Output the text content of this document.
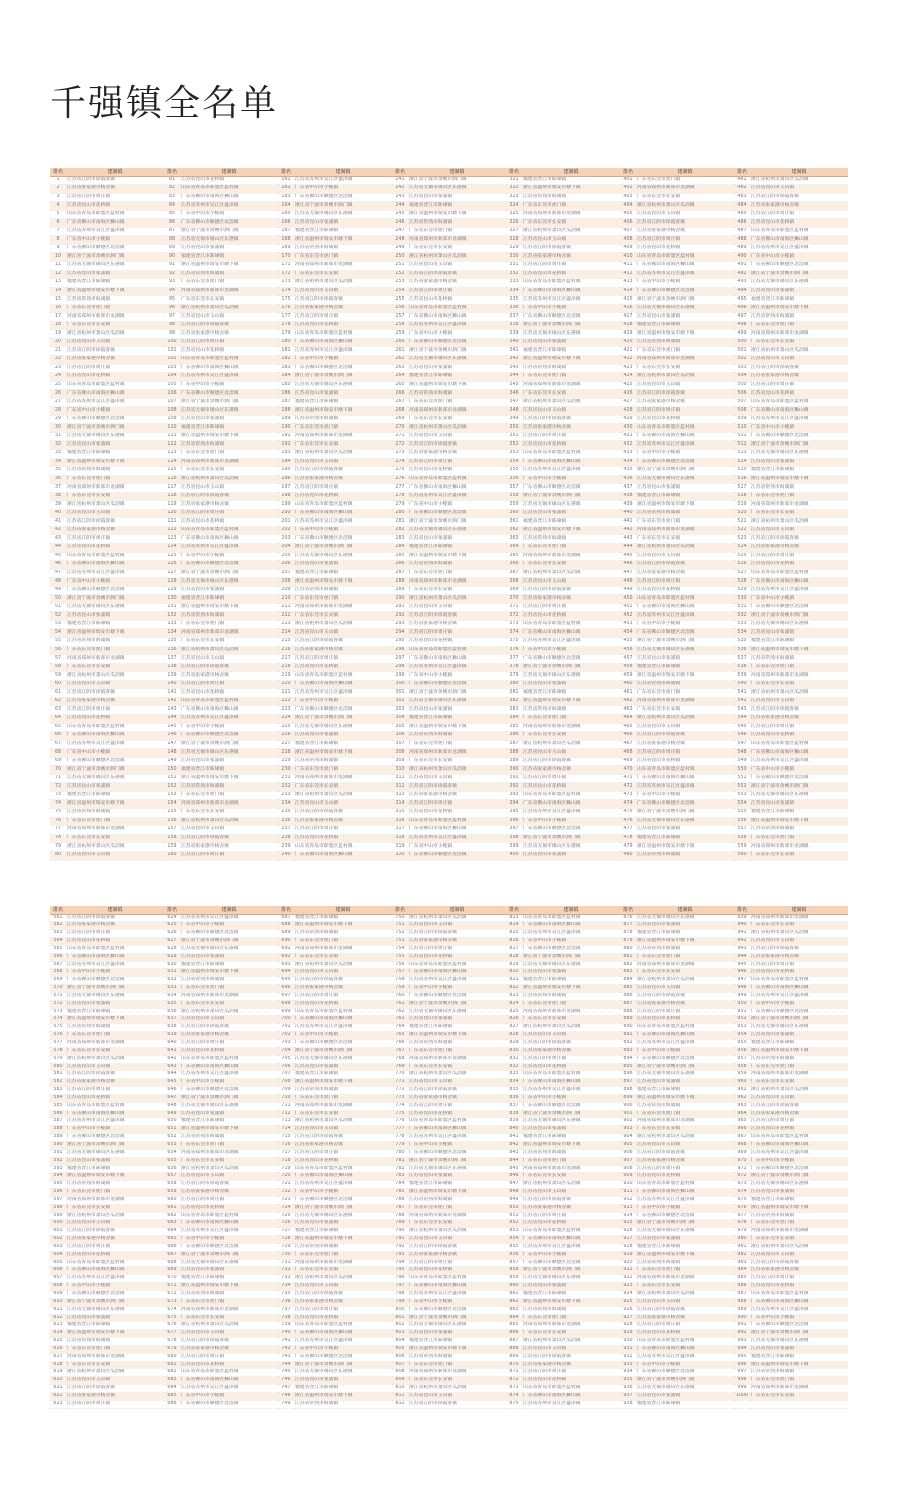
千强镇全名单
排名	建制镇	排名	建制镇	排名	建制镇	排名	建制镇	排名	建制镇	排名	建制镇	排名	建制镇
1	江苏省江阴市徐霞客镇	81	江苏省昆山市花桥镇	161	江苏省苏州市吴江区盛泽镇	241	浙江省宁波市余姚市泗门镇	321	福建省晋江市陈埭镇	401	广东省东莞市虎门镇	481	浙江省杭州市萧山区瓜沥镇
2	江苏省张家港市杨舍镇	82	山东省青岛市即墨区蓝村镇	162	广东省中山市小榄镇	242	江苏省无锡市锡山区东港镇	322	浙江省温州市瑞安市塘下镇	402	河南省郑州市新郑市龙湖镇	482	江苏省昆山市玉山镇
3	江苏省江阴市周庄镇	83	广东省佛山市南海区狮山镇	163	广东省佛山市顺德区北滘镇	243	江苏省昆山市张浦镇	323	江苏省常熟市海虞镇	403	广东省东莞市长安镇	483	江苏省江阴市徐霞客镇
4	江苏省昆山市花桥镇	84	江苏省苏州市吴江区盛泽镇	164	浙江省宁波市余姚市泗门镇	244	福建省晋江市陈埭镇	324	广东省东莞市虎门镇	404	浙江省杭州市萧山区瓜沥镇	484	江苏省张家港市杨舍镇
5	山东省青岛市即墨区蓝村镇	85	广东省中山市小榄镇	165	江苏省无锡市锡山区东港镇	245	浙江省温州市瑞安市塘下镇	325	河南省郑州市新郑市龙湖镇	405	江苏省昆山市玉山镇	485	江苏省江阴市周庄镇
6	广东省佛山市南海区狮山镇	86	广东省佛山市顺德区北滘镇	166	江苏省昆山市张浦镇	246	江苏省常熟市海虞镇	326	广东省东莞市长安镇	406	江苏省江阴市徐霞客镇	486	江苏省昆山市花桥镇
7	江苏省苏州市吴江区盛泽镇	87	浙江省宁波市余姚市泗门镇	167	福建省晋江市陈埭镇	247	广东省东莞市虎门镇	327	浙江省杭州市萧山区瓜沥镇	407	江苏省张家港市杨舍镇	487	山东省青岛市即墨区蓝村镇
8	广东省中山市小榄镇	88	江苏省无锡市锡山区东港镇	168	浙江省温州市瑞安市塘下镇	248	河南省郑州市新郑市龙湖镇	328	江苏省昆山市玉山镇	408	江苏省江阴市周庄镇	488	广东省佛山市南海区狮山镇
9	广东省佛山市顺德区北滘镇	89	江苏省昆山市张浦镇	169	江苏省常熟市海虞镇	249	广东省东莞市长安镇	329	江苏省江阴市徐霞客镇	409	江苏省昆山市花桥镇	489	江苏省苏州市吴江区盛泽镇
10	浙江省宁波市余姚市泗门镇	90	福建省晋江市陈埭镇	170	广东省东莞市虎门镇	250	浙江省杭州市萧山区瓜沥镇	330	江苏省张家港市杨舍镇	410	山东省青岛市即墨区蓝村镇	490	广东省中山市小榄镇
11	江苏省无锡市锡山区东港镇	91	浙江省温州市瑞安市塘下镇	171	河南省郑州市新郑市龙湖镇	251	江苏省昆山市玉山镇	331	江苏省江阴市周庄镇	411	广东省佛山市南海区狮山镇	491	广东省佛山市顺德区北滘镇
12	江苏省昆山市张浦镇	92	江苏省常熟市海虞镇	172	广东省东莞市长安镇	252	江苏省江阴市徐霞客镇	332	江苏省昆山市花桥镇	412	江苏省苏州市吴江区盛泽镇	492	浙江省宁波市余姚市泗门镇
13	福建省晋江市陈埭镇	93	广东省东莞市虎门镇	173	浙江省杭州市萧山区瓜沥镇	253	江苏省张家港市杨舍镇	333	山东省青岛市即墨区蓝村镇	413	广东省中山市小榄镇	493	江苏省无锡市锡山区东港镇
14	浙江省温州市瑞安市塘下镇	94	河南省郑州市新郑市龙湖镇	174	江苏省昆山市玉山镇	254	江苏省江阴市周庄镇	334	广东省佛山市南海区狮山镇	414	广东省佛山市顺德区北滘镇	494	江苏省昆山市张浦镇
15	江苏省常熟市海虞镇	95	广东省东莞市长安镇	175	江苏省江阴市徐霞客镇	255	江苏省昆山市花桥镇	335	江苏省苏州市吴江区盛泽镇	415	浙江省宁波市余姚市泗门镇	495	福建省晋江市陈埭镇
16	广东省东莞市虎门镇	96	浙江省杭州市萧山区瓜沥镇	176	江苏省张家港市杨舍镇	256	山东省青岛市即墨区蓝村镇	336	广东省中山市小榄镇	416	江苏省无锡市锡山区东港镇	496	浙江省温州市瑞安市塘下镇
17	河南省郑州市新郑市龙湖镇	97	江苏省昆山市玉山镇	177	江苏省江阴市周庄镇	257	广东省佛山市南海区狮山镇	337	广东省佛山市顺德区北滘镇	417	江苏省昆山市张浦镇	497	江苏省常熟市海虞镇
18	广东省东莞市长安镇	98	江苏省江阴市徐霞客镇	178	江苏省昆山市花桥镇	258	江苏省苏州市吴江区盛泽镇	338	浙江省宁波市余姚市泗门镇	418	福建省晋江市陈埭镇	498	广东省东莞市虎门镇
19	浙江省杭州市萧山区瓜沥镇	99	江苏省张家港市杨舍镇	179	山东省青岛市即墨区蓝村镇	259	广东省中山市小榄镇	339	江苏省无锡市锡山区东港镇	419	浙江省温州市瑞安市塘下镇	499	河南省郑州市新郑市龙湖镇
20	江苏省昆山市玉山镇	100	江苏省江阴市周庄镇	180	广东省佛山市南海区狮山镇	260	广东省佛山市顺德区北滘镇	340	江苏省昆山市张浦镇	420	江苏省常熟市海虞镇	500	广东省东莞市长安镇
21	江苏省江阴市徐霞客镇	101	江苏省昆山市花桥镇	181	江苏省苏州市吴江区盛泽镇	261	浙江省宁波市余姚市泗门镇	341	福建省晋江市陈埭镇	421	广东省东莞市虎门镇	501	浙江省杭州市萧山区瓜沥镇
22	江苏省张家港市杨舍镇	102	山东省青岛市即墨区蓝村镇	182	广东省中山市小榄镇	262	江苏省无锡市锡山区东港镇	342	浙江省温州市瑞安市塘下镇	422	河南省郑州市新郑市龙湖镇	502	江苏省昆山市玉山镇
23	江苏省江阴市周庄镇	103	广东省佛山市南海区狮山镇	183	广东省佛山市顺德区北滘镇	263	江苏省昆山市张浦镇	343	江苏省常熟市海虞镇	423	广东省东莞市长安镇	503	江苏省江阴市徐霞客镇
24	江苏省昆山市花桥镇	104	江苏省苏州市吴江区盛泽镇	184	浙江省宁波市余姚市泗门镇	264	福建省晋江市陈埭镇	344	广东省东莞市虎门镇	424	浙江省杭州市萧山区瓜沥镇	504	江苏省张家港市杨舍镇
25	山东省青岛市即墨区蓝村镇	105	广东省中山市小榄镇	185	江苏省无锡市锡山区东港镇	265	浙江省温州市瑞安市塘下镇	345	河南省郑州市新郑市龙湖镇	425	江苏省昆山市玉山镇	505	江苏省江阴市周庄镇
26	广东省佛山市南海区狮山镇	106	广东省佛山市顺德区北滘镇	186	江苏省昆山市张浦镇	266	江苏省常熟市海虞镇	346	广东省东莞市长安镇	426	江苏省江阴市徐霞客镇	506	江苏省昆山市花桥镇
27	江苏省苏州市吴江区盛泽镇	107	浙江省宁波市余姚市泗门镇	187	福建省晋江市陈埭镇	267	广东省东莞市虎门镇	347	浙江省杭州市萧山区瓜沥镇	427	江苏省张家港市杨舍镇	507	山东省青岛市即墨区蓝村镇
28	广东省中山市小榄镇	108	江苏省无锡市锡山区东港镇	188	浙江省温州市瑞安市塘下镇	268	河南省郑州市新郑市龙湖镇	348	江苏省昆山市玉山镇	428	江苏省江阴市周庄镇	508	广东省佛山市南海区狮山镇
29	广东省佛山市顺德区北滘镇	109	江苏省昆山市张浦镇	189	江苏省常熟市海虞镇	269	广东省东莞市长安镇	349	江苏省江阴市徐霞客镇	429	江苏省昆山市花桥镇	509	江苏省苏州市吴江区盛泽镇
30	浙江省宁波市余姚市泗门镇	110	福建省晋江市陈埭镇	190	广东省东莞市虎门镇	270	浙江省杭州市萧山区瓜沥镇	350	江苏省张家港市杨舍镇	430	山东省青岛市即墨区蓝村镇	510	广东省中山市小榄镇
31	江苏省无锡市锡山区东港镇	111	浙江省温州市瑞安市塘下镇	191	河南省郑州市新郑市龙湖镇	271	江苏省昆山市玉山镇	351	江苏省江阴市周庄镇	431	广东省佛山市南海区狮山镇	511	广东省佛山市顺德区北滘镇
32	江苏省昆山市张浦镇	112	江苏省常熟市海虞镇	192	广东省东莞市长安镇	272	江苏省江阴市徐霞客镇	352	江苏省昆山市花桥镇	432	江苏省苏州市吴江区盛泽镇	512	浙江省宁波市余姚市泗门镇
33	福建省晋江市陈埭镇	113	广东省东莞市虎门镇	193	浙江省杭州市萧山区瓜沥镇	273	江苏省张家港市杨舍镇	353	山东省青岛市即墨区蓝村镇	433	广东省中山市小榄镇	513	江苏省无锡市锡山区东港镇
34	浙江省温州市瑞安市塘下镇	114	河南省郑州市新郑市龙湖镇	194	江苏省昆山市玉山镇	274	江苏省江阴市周庄镇	354	广东省佛山市南海区狮山镇	434	广东省佛山市顺德区北滘镇	514	江苏省昆山市张浦镇
35	江苏省常熟市海虞镇	115	广东省东莞市长安镇	195	江苏省江阴市徐霞客镇	275	江苏省昆山市花桥镇	355	江苏省苏州市吴江区盛泽镇	435	浙江省宁波市余姚市泗门镇	515	福建省晋江市陈埭镇
36	广东省东莞市虎门镇	116	浙江省杭州市萧山区瓜沥镇	196	江苏省张家港市杨舍镇	276	山东省青岛市即墨区蓝村镇	356	广东省中山市小榄镇	436	江苏省无锡市锡山区东港镇	516	浙江省温州市瑞安市塘下镇
37	河南省郑州市新郑市龙湖镇	117	江苏省昆山市玉山镇	197	江苏省江阴市周庄镇	277	广东省佛山市南海区狮山镇	357	广东省佛山市顺德区北滘镇	437	江苏省昆山市张浦镇	517	江苏省常熟市海虞镇
38	广东省东莞市长安镇	118	江苏省江阴市徐霞客镇	198	江苏省昆山市花桥镇	278	江苏省苏州市吴江区盛泽镇	358	浙江省宁波市余姚市泗门镇	438	福建省晋江市陈埭镇	518	广东省东莞市虎门镇
39	浙江省杭州市萧山区瓜沥镇	119	江苏省张家港市杨舍镇	199	山东省青岛市即墨区蓝村镇	279	广东省中山市小榄镇	359	江苏省无锡市锡山区东港镇	439	浙江省温州市瑞安市塘下镇	519	河南省郑州市新郑市龙湖镇
40	江苏省昆山市玉山镇	120	江苏省江阴市周庄镇	200	广东省佛山市南海区狮山镇	280	广东省佛山市顺德区北滘镇	360	江苏省昆山市张浦镇	440	江苏省常熟市海虞镇	520	广东省东莞市长安镇
41	江苏省江阴市徐霞客镇	121	江苏省昆山市花桥镇	201	江苏省苏州市吴江区盛泽镇	281	浙江省宁波市余姚市泗门镇	361	福建省晋江市陈埭镇	441	广东省东莞市虎门镇	521	浙江省杭州市萧山区瓜沥镇
42	江苏省张家港市杨舍镇	122	山东省青岛市即墨区蓝村镇	202	广东省中山市小榄镇	282	江苏省无锡市锡山区东港镇	362	浙江省温州市瑞安市塘下镇	442	河南省郑州市新郑市龙湖镇	522	江苏省昆山市玉山镇
43	江苏省江阴市周庄镇	123	广东省佛山市南海区狮山镇	203	广东省佛山市顺德区北滘镇	283	江苏省昆山市张浦镇	363	江苏省常熟市海虞镇	443	广东省东莞市长安镇	523	江苏省江阴市徐霞客镇
44	江苏省昆山市花桥镇	124	江苏省苏州市吴江区盛泽镇	204	浙江省宁波市余姚市泗门镇	284	福建省晋江市陈埭镇	364	广东省东莞市虎门镇	444	浙江省杭州市萧山区瓜沥镇	524	江苏省张家港市杨舍镇
45	山东省青岛市即墨区蓝村镇	125	广东省中山市小榄镇	205	江苏省无锡市锡山区东港镇	285	浙江省温州市瑞安市塘下镇	365	河南省郑州市新郑市龙湖镇	445	江苏省昆山市玉山镇	525	江苏省江阴市周庄镇
46	广东省佛山市南海区狮山镇	126	广东省佛山市顺德区北滘镇	206	江苏省昆山市张浦镇	286	江苏省常熟市海虞镇	366	广东省东莞市长安镇	446	江苏省江阴市徐霞客镇	526	江苏省昆山市花桥镇
47	江苏省苏州市吴江区盛泽镇	127	浙江省宁波市余姚市泗门镇	207	福建省晋江市陈埭镇	287	广东省东莞市虎门镇	367	浙江省杭州市萧山区瓜沥镇	447	江苏省张家港市杨舍镇	527	山东省青岛市即墨区蓝村镇
48	广东省中山市小榄镇	128	江苏省无锡市锡山区东港镇	208	浙江省温州市瑞安市塘下镇	288	河南省郑州市新郑市龙湖镇	368	江苏省昆山市玉山镇	448	江苏省江阴市周庄镇	528	广东省佛山市南海区狮山镇
49	广东省佛山市顺德区北滘镇	129	江苏省昆山市张浦镇	209	江苏省常熟市海虞镇	289	广东省东莞市长安镇	369	江苏省江阴市徐霞客镇	449	江苏省昆山市花桥镇	529	江苏省苏州市吴江区盛泽镇
50	浙江省宁波市余姚市泗门镇	130	福建省晋江市陈埭镇	210	广东省东莞市虎门镇	290	浙江省杭州市萧山区瓜沥镇	370	江苏省张家港市杨舍镇	450	山东省青岛市即墨区蓝村镇	530	广东省中山市小榄镇
51	江苏省无锡市锡山区东港镇	131	浙江省温州市瑞安市塘下镇	211	河南省郑州市新郑市龙湖镇	291	江苏省昆山市玉山镇	371	江苏省江阴市周庄镇	451	广东省佛山市南海区狮山镇	531	广东省佛山市顺德区北滘镇
52	江苏省昆山市张浦镇	132	江苏省常熟市海虞镇	212	广东省东莞市长安镇	292	江苏省江阴市徐霞客镇	372	江苏省昆山市花桥镇	452	江苏省苏州市吴江区盛泽镇	532	浙江省宁波市余姚市泗门镇
53	福建省晋江市陈埭镇	133	广东省东莞市虎门镇	213	浙江省杭州市萧山区瓜沥镇	293	江苏省张家港市杨舍镇	373	山东省青岛市即墨区蓝村镇	453	广东省中山市小榄镇	533	江苏省无锡市锡山区东港镇
54	浙江省温州市瑞安市塘下镇	134	河南省郑州市新郑市龙湖镇	214	江苏省昆山市玉山镇	294	江苏省江阴市周庄镇	374	广东省佛山市南海区狮山镇	454	广东省佛山市顺德区北滘镇	534	江苏省昆山市张浦镇
55	江苏省常熟市海虞镇	135	广东省东莞市长安镇	215	江苏省江阴市徐霞客镇	295	江苏省昆山市花桥镇	375	江苏省苏州市吴江区盛泽镇	455	浙江省宁波市余姚市泗门镇	535	福建省晋江市陈埭镇
56	广东省东莞市虎门镇	136	浙江省杭州市萧山区瓜沥镇	216	江苏省张家港市杨舍镇	296	山东省青岛市即墨区蓝村镇	376	广东省中山市小榄镇	456	江苏省无锡市锡山区东港镇	536	浙江省温州市瑞安市塘下镇
57	河南省郑州市新郑市龙湖镇	137	江苏省昆山市玉山镇	217	江苏省江阴市周庄镇	297	广东省佛山市南海区狮山镇	377	广东省佛山市顺德区北滘镇	457	江苏省昆山市张浦镇	537	江苏省常熟市海虞镇
58	广东省东莞市长安镇	138	江苏省江阴市徐霞客镇	218	江苏省昆山市花桥镇	298	江苏省苏州市吴江区盛泽镇	378	浙江省宁波市余姚市泗门镇	458	福建省晋江市陈埭镇	538	广东省东莞市虎门镇
59	浙江省杭州市萧山区瓜沥镇	139	江苏省张家港市杨舍镇	219	山东省青岛市即墨区蓝村镇	299	广东省中山市小榄镇	379	江苏省无锡市锡山区东港镇	459	浙江省温州市瑞安市塘下镇	539	河南省郑州市新郑市龙湖镇
60	江苏省昆山市玉山镇	140	江苏省江阴市周庄镇	220	广东省佛山市南海区狮山镇	300	广东省佛山市顺德区北滘镇	380	江苏省昆山市张浦镇	460	江苏省常熟市海虞镇	540	广东省东莞市长安镇
61	江苏省江阴市徐霞客镇	141	江苏省昆山市花桥镇	221	江苏省苏州市吴江区盛泽镇	301	浙江省宁波市余姚市泗门镇	381	福建省晋江市陈埭镇	461	广东省东莞市虎门镇	541	浙江省杭州市萧山区瓜沥镇
62	江苏省张家港市杨舍镇	142	山东省青岛市即墨区蓝村镇	222	广东省中山市小榄镇	302	江苏省无锡市锡山区东港镇	382	浙江省温州市瑞安市塘下镇	462	河南省郑州市新郑市龙湖镇	542	江苏省昆山市玉山镇
63	江苏省江阴市周庄镇	143	广东省佛山市南海区狮山镇	223	广东省佛山市顺德区北滘镇	303	江苏省昆山市张浦镇	383	江苏省常熟市海虞镇	463	广东省东莞市长安镇	543	江苏省江阴市徐霞客镇
64	江苏省昆山市花桥镇	144	江苏省苏州市吴江区盛泽镇	224	浙江省宁波市余姚市泗门镇	304	福建省晋江市陈埭镇	384	广东省东莞市虎门镇	464	浙江省杭州市萧山区瓜沥镇	544	江苏省张家港市杨舍镇
65	山东省青岛市即墨区蓝村镇	145	广东省中山市小榄镇	225	江苏省无锡市锡山区东港镇	305	浙江省温州市瑞安市塘下镇	385	河南省郑州市新郑市龙湖镇	465	江苏省昆山市玉山镇	545	江苏省江阴市周庄镇
66	广东省佛山市南海区狮山镇	146	广东省佛山市顺德区北滘镇	226	江苏省昆山市张浦镇	306	江苏省常熟市海虞镇	386	广东省东莞市长安镇	466	江苏省江阴市徐霞客镇	546	江苏省昆山市花桥镇
67	江苏省苏州市吴江区盛泽镇	147	浙江省宁波市余姚市泗门镇	227	福建省晋江市陈埭镇	307	广东省东莞市虎门镇	387	浙江省杭州市萧山区瓜沥镇	467	江苏省张家港市杨舍镇	547	山东省青岛市即墨区蓝村镇
68	广东省中山市小榄镇	148	江苏省无锡市锡山区东港镇	228	浙江省温州市瑞安市塘下镇	308	河南省郑州市新郑市龙湖镇	388	江苏省昆山市玉山镇	468	江苏省江阴市周庄镇	548	广东省佛山市南海区狮山镇
69	广东省佛山市顺德区北滘镇	149	江苏省昆山市张浦镇	229	江苏省常熟市海虞镇	309	广东省东莞市长安镇	389	江苏省江阴市徐霞客镇	469	江苏省昆山市花桥镇	549	江苏省苏州市吴江区盛泽镇
70	浙江省宁波市余姚市泗门镇	150	福建省晋江市陈埭镇	230	广东省东莞市虎门镇	310	浙江省杭州市萧山区瓜沥镇	390	江苏省张家港市杨舍镇	470	山东省青岛市即墨区蓝村镇	550	广东省中山市小榄镇
71	江苏省无锡市锡山区东港镇	151	浙江省温州市瑞安市塘下镇	231	河南省郑州市新郑市龙湖镇	311	江苏省昆山市玉山镇	391	江苏省江阴市周庄镇	471	广东省佛山市南海区狮山镇	551	广东省佛山市顺德区北滘镇
72	江苏省昆山市张浦镇	152	江苏省常熟市海虞镇	232	广东省东莞市长安镇	312	江苏省江阴市徐霞客镇	392	江苏省昆山市花桥镇	472	江苏省苏州市吴江区盛泽镇	552	浙江省宁波市余姚市泗门镇
73	福建省晋江市陈埭镇	153	广东省东莞市虎门镇	233	浙江省杭州市萧山区瓜沥镇	313	江苏省张家港市杨舍镇	393	山东省青岛市即墨区蓝村镇	473	广东省中山市小榄镇	553	江苏省无锡市锡山区东港镇
74	浙江省温州市瑞安市塘下镇	154	河南省郑州市新郑市龙湖镇	234	江苏省昆山市玉山镇	314	江苏省江阴市周庄镇	394	广东省佛山市南海区狮山镇	474	广东省佛山市顺德区北滘镇	554	江苏省昆山市张浦镇
75	江苏省常熟市海虞镇	155	广东省东莞市长安镇	235	江苏省江阴市徐霞客镇	315	江苏省昆山市花桥镇	395	江苏省苏州市吴江区盛泽镇	475	浙江省宁波市余姚市泗门镇	555	福建省晋江市陈埭镇
76	广东省东莞市虎门镇	156	浙江省杭州市萧山区瓜沥镇	236	江苏省张家港市杨舍镇	316	山东省青岛市即墨区蓝村镇	396	广东省中山市小榄镇	476	江苏省无锡市锡山区东港镇	556	浙江省温州市瑞安市塘下镇
77	河南省郑州市新郑市龙湖镇	157	江苏省昆山市玉山镇	237	江苏省江阴市周庄镇	317	广东省佛山市南海区狮山镇	397	广东省佛山市顺德区北滘镇	477	江苏省昆山市张浦镇	557	江苏省常熟市海虞镇
78	广东省东莞市长安镇	158	江苏省江阴市徐霞客镇	238	江苏省昆山市花桥镇	318	江苏省苏州市吴江区盛泽镇	398	浙江省宁波市余姚市泗门镇	478	福建省晋江市陈埭镇	558	广东省东莞市虎门镇
79	浙江省杭州市萧山区瓜沥镇	159	江苏省张家港市杨舍镇	239	山东省青岛市即墨区蓝村镇	319	广东省中山市小榄镇	399	江苏省无锡市锡山区东港镇	479	浙江省温州市瑞安市塘下镇	559	河南省郑州市新郑市龙湖镇
80	江苏省昆山市玉山镇	160	江苏省江阴市周庄镇	240	广东省佛山市南海区狮山镇	320	广东省佛山市顺德区北滘镇	400	江苏省昆山市张浦镇	480	江苏省常熟市海虞镇	560	广东省东莞市长安镇
排名	建制镇	排名	建制镇	排名	建制镇	排名	建制镇	排名	建制镇	排名	建制镇	排名	建制镇
561	江苏省江阴市徐霞客镇	624	江苏省苏州市吴江区盛泽镇	687	福建省晋江市陈埭镇	750	浙江省杭州市萧山区瓜沥镇	813	山东省青岛市即墨区蓝村镇	876	江苏省无锡市锡山区东港镇	939	河南省郑州市新郑市龙湖镇
562	江苏省张家港市杨舍镇	625	广东省中山市小榄镇	688	浙江省温州市瑞安市塘下镇	751	江苏省昆山市玉山镇	814	广东省佛山市南海区狮山镇	877	江苏省昆山市张浦镇	940	广东省东莞市长安镇
563	江苏省江阴市周庄镇	626	广东省佛山市顺德区北滘镇	689	江苏省常熟市海虞镇	752	江苏省江阴市徐霞客镇	815	江苏省苏州市吴江区盛泽镇	878	福建省晋江市陈埭镇	941	浙江省杭州市萧山区瓜沥镇
564	江苏省昆山市花桥镇	627	浙江省宁波市余姚市泗门镇	690	广东省东莞市虎门镇	753	江苏省张家港市杨舍镇	816	广东省中山市小榄镇	879	浙江省温州市瑞安市塘下镇	942	江苏省昆山市玉山镇
565	山东省青岛市即墨区蓝村镇	628	江苏省无锡市锡山区东港镇	691	河南省郑州市新郑市龙湖镇	754	江苏省江阴市周庄镇	817	广东省佛山市顺德区北滘镇	880	江苏省常熟市海虞镇	943	江苏省江阴市徐霞客镇
566	广东省佛山市南海区狮山镇	629	江苏省昆山市张浦镇	692	广东省东莞市长安镇	755	江苏省昆山市花桥镇	818	浙江省宁波市余姚市泗门镇	881	广东省东莞市虎门镇	944	江苏省张家港市杨舍镇
567	江苏省苏州市吴江区盛泽镇	630	福建省晋江市陈埭镇	693	浙江省杭州市萧山区瓜沥镇	756	山东省青岛市即墨区蓝村镇	819	江苏省无锡市锡山区东港镇	882	河南省郑州市新郑市龙湖镇	945	江苏省江阴市周庄镇
568	广东省中山市小榄镇	631	浙江省温州市瑞安市塘下镇	694	江苏省昆山市玉山镇	757	广东省佛山市南海区狮山镇	820	江苏省昆山市张浦镇	883	广东省东莞市长安镇	946	江苏省昆山市花桥镇
569	广东省佛山市顺德区北滘镇	632	江苏省常熟市海虞镇	695	江苏省江阴市徐霞客镇	758	江苏省苏州市吴江区盛泽镇	821	福建省晋江市陈埭镇	884	浙江省杭州市萧山区瓜沥镇	947	山东省青岛市即墨区蓝村镇
570	浙江省宁波市余姚市泗门镇	633	广东省东莞市虎门镇	696	江苏省张家港市杨舍镇	759	广东省中山市小榄镇	822	浙江省温州市瑞安市塘下镇	885	江苏省昆山市玉山镇	948	广东省佛山市南海区狮山镇
571	江苏省无锡市锡山区东港镇	634	河南省郑州市新郑市龙湖镇	697	江苏省江阴市周庄镇	760	广东省佛山市顺德区北滘镇	823	江苏省常熟市海虞镇	886	江苏省江阴市徐霞客镇	949	江苏省苏州市吴江区盛泽镇
572	江苏省昆山市张浦镇	635	广东省东莞市长安镇	698	江苏省昆山市花桥镇	761	浙江省宁波市余姚市泗门镇	824	广东省东莞市虎门镇	887	江苏省张家港市杨舍镇	950	广东省中山市小榄镇
573	福建省晋江市陈埭镇	636	浙江省杭州市萧山区瓜沥镇	699	山东省青岛市即墨区蓝村镇	762	江苏省无锡市锡山区东港镇	825	河南省郑州市新郑市龙湖镇	888	江苏省江阴市周庄镇	951	广东省佛山市顺德区北滘镇
574	浙江省温州市瑞安市塘下镇	637	江苏省昆山市玉山镇	700	广东省佛山市南海区狮山镇	763	江苏省昆山市张浦镇	826	广东省东莞市长安镇	889	江苏省昆山市花桥镇	952	浙江省宁波市余姚市泗门镇
575	江苏省常熟市海虞镇	638	江苏省江阴市徐霞客镇	701	江苏省苏州市吴江区盛泽镇	764	福建省晋江市陈埭镇	827	浙江省杭州市萧山区瓜沥镇	890	山东省青岛市即墨区蓝村镇	953	江苏省无锡市锡山区东港镇
576	广东省东莞市虎门镇	639	江苏省张家港市杨舍镇	702	广东省中山市小榄镇	765	浙江省温州市瑞安市塘下镇	828	江苏省昆山市玉山镇	891	广东省佛山市南海区狮山镇	954	江苏省昆山市张浦镇
577	河南省郑州市新郑市龙湖镇	640	江苏省江阴市周庄镇	703	广东省佛山市顺德区北滘镇	766	江苏省常熟市海虞镇	829	江苏省江阴市徐霞客镇	892	江苏省苏州市吴江区盛泽镇	955	福建省晋江市陈埭镇
578	广东省东莞市长安镇	641	江苏省昆山市花桥镇	704	浙江省宁波市余姚市泗门镇	767	广东省东莞市虎门镇	830	江苏省张家港市杨舍镇	893	广东省中山市小榄镇	956	浙江省温州市瑞安市塘下镇
579	浙江省杭州市萧山区瓜沥镇	642	山东省青岛市即墨区蓝村镇	705	江苏省无锡市锡山区东港镇	768	河南省郑州市新郑市龙湖镇	831	江苏省江阴市周庄镇	894	广东省佛山市顺德区北滘镇	957	江苏省常熟市海虞镇
580	江苏省昆山市玉山镇	643	广东省佛山市南海区狮山镇	706	江苏省昆山市张浦镇	769	广东省东莞市长安镇	832	江苏省昆山市花桥镇	895	浙江省宁波市余姚市泗门镇	958	广东省东莞市虎门镇
581	江苏省江阴市徐霞客镇	644	江苏省苏州市吴江区盛泽镇	707	福建省晋江市陈埭镇	770	浙江省杭州市萧山区瓜沥镇	833	山东省青岛市即墨区蓝村镇	896	江苏省无锡市锡山区东港镇	959	河南省郑州市新郑市龙湖镇
582	江苏省张家港市杨舍镇	645	广东省中山市小榄镇	708	浙江省温州市瑞安市塘下镇	771	江苏省昆山市玉山镇	834	广东省佛山市南海区狮山镇	897	江苏省昆山市张浦镇	960	广东省东莞市长安镇
583	江苏省江阴市周庄镇	646	广东省佛山市顺德区北滘镇	709	江苏省常熟市海虞镇	772	江苏省江阴市徐霞客镇	835	江苏省苏州市吴江区盛泽镇	898	福建省晋江市陈埭镇	961	浙江省杭州市萧山区瓜沥镇
584	江苏省昆山市花桥镇	647	浙江省宁波市余姚市泗门镇	710	广东省东莞市虎门镇	773	江苏省张家港市杨舍镇	836	广东省中山市小榄镇	899	浙江省温州市瑞安市塘下镇	962	江苏省昆山市玉山镇
585	山东省青岛市即墨区蓝村镇	648	江苏省无锡市锡山区东港镇	711	河南省郑州市新郑市龙湖镇	774	江苏省江阴市周庄镇	837	广东省佛山市顺德区北滘镇	900	江苏省常熟市海虞镇	963	江苏省江阴市徐霞客镇
586	广东省佛山市南海区狮山镇	649	江苏省昆山市张浦镇	712	广东省东莞市长安镇	775	江苏省昆山市花桥镇	838	浙江省宁波市余姚市泗门镇	901	广东省东莞市虎门镇	964	江苏省张家港市杨舍镇
587	江苏省苏州市吴江区盛泽镇	650	福建省晋江市陈埭镇	713	浙江省杭州市萧山区瓜沥镇	776	山东省青岛市即墨区蓝村镇	839	江苏省无锡市锡山区东港镇	902	河南省郑州市新郑市龙湖镇	965	江苏省江阴市周庄镇
588	广东省中山市小榄镇	651	浙江省温州市瑞安市塘下镇	714	江苏省昆山市玉山镇	777	广东省佛山市南海区狮山镇	840	江苏省昆山市张浦镇	903	广东省东莞市长安镇	966	江苏省昆山市花桥镇
589	广东省佛山市顺德区北滘镇	652	江苏省常熟市海虞镇	715	江苏省江阴市徐霞客镇	778	江苏省苏州市吴江区盛泽镇	841	福建省晋江市陈埭镇	904	浙江省杭州市萧山区瓜沥镇	967	山东省青岛市即墨区蓝村镇
590	浙江省宁波市余姚市泗门镇	653	广东省东莞市虎门镇	716	江苏省张家港市杨舍镇	779	广东省中山市小榄镇	842	浙江省温州市瑞安市塘下镇	905	江苏省昆山市玉山镇	968	广东省佛山市南海区狮山镇
591	江苏省无锡市锡山区东港镇	654	河南省郑州市新郑市龙湖镇	717	江苏省江阴市周庄镇	780	广东省佛山市顺德区北滘镇	843	江苏省常熟市海虞镇	906	江苏省江阴市徐霞客镇	969	江苏省苏州市吴江区盛泽镇
592	江苏省昆山市张浦镇	655	广东省东莞市长安镇	718	江苏省昆山市花桥镇	781	浙江省宁波市余姚市泗门镇	844	广东省东莞市虎门镇	907	江苏省张家港市杨舍镇	970	广东省中山市小榄镇
593	福建省晋江市陈埭镇	656	浙江省杭州市萧山区瓜沥镇	719	山东省青岛市即墨区蓝村镇	782	江苏省无锡市锡山区东港镇	845	河南省郑州市新郑市龙湖镇	908	江苏省江阴市周庄镇	971	广东省佛山市顺德区北滘镇
594	浙江省温州市瑞安市塘下镇	657	江苏省昆山市玉山镇	720	广东省佛山市南海区狮山镇	783	江苏省昆山市张浦镇	846	广东省东莞市长安镇	909	江苏省昆山市花桥镇	972	浙江省宁波市余姚市泗门镇
595	江苏省常熟市海虞镇	658	江苏省江阴市徐霞客镇	721	江苏省苏州市吴江区盛泽镇	784	福建省晋江市陈埭镇	847	浙江省杭州市萧山区瓜沥镇	910	山东省青岛市即墨区蓝村镇	973	江苏省无锡市锡山区东港镇
596	广东省东莞市虎门镇	659	江苏省张家港市杨舍镇	722	广东省中山市小榄镇	785	浙江省温州市瑞安市塘下镇	848	江苏省昆山市玉山镇	911	广东省佛山市南海区狮山镇	974	江苏省昆山市张浦镇
597	河南省郑州市新郑市龙湖镇	660	江苏省江阴市周庄镇	723	广东省佛山市顺德区北滘镇	786	江苏省常熟市海虞镇	849	江苏省江阴市徐霞客镇	912	江苏省苏州市吴江区盛泽镇	975	福建省晋江市陈埭镇
598	广东省东莞市长安镇	661	江苏省昆山市花桥镇	724	浙江省宁波市余姚市泗门镇	787	广东省东莞市虎门镇	850	江苏省张家港市杨舍镇	913	广东省中山市小榄镇	976	浙江省温州市瑞安市塘下镇
599	浙江省杭州市萧山区瓜沥镇	662	山东省青岛市即墨区蓝村镇	725	江苏省无锡市锡山区东港镇	788	河南省郑州市新郑市龙湖镇	851	江苏省江阴市周庄镇	914	广东省佛山市顺德区北滘镇	977	江苏省常熟市海虞镇
600	江苏省昆山市玉山镇	663	广东省佛山市南海区狮山镇	726	江苏省昆山市张浦镇	789	广东省东莞市长安镇	852	江苏省昆山市花桥镇	915	浙江省宁波市余姚市泗门镇	978	广东省东莞市虎门镇
601	江苏省江阴市徐霞客镇	664	江苏省苏州市吴江区盛泽镇	727	福建省晋江市陈埭镇	790	浙江省杭州市萧山区瓜沥镇	853	山东省青岛市即墨区蓝村镇	916	江苏省无锡市锡山区东港镇	979	河南省郑州市新郑市龙湖镇
602	江苏省张家港市杨舍镇	665	广东省中山市小榄镇	728	浙江省温州市瑞安市塘下镇	791	江苏省昆山市玉山镇	854	广东省佛山市南海区狮山镇	917	江苏省昆山市张浦镇	980	广东省东莞市长安镇
603	江苏省江阴市周庄镇	666	广东省佛山市顺德区北滘镇	729	江苏省常熟市海虞镇	792	江苏省江阴市徐霞客镇	855	江苏省苏州市吴江区盛泽镇	918	福建省晋江市陈埭镇	981	浙江省杭州市萧山区瓜沥镇
604	江苏省昆山市花桥镇	667	浙江省宁波市余姚市泗门镇	730	广东省东莞市虎门镇	793	江苏省张家港市杨舍镇	856	广东省中山市小榄镇	919	浙江省温州市瑞安市塘下镇	982	江苏省昆山市玉山镇
605	山东省青岛市即墨区蓝村镇	668	江苏省无锡市锡山区东港镇	731	河南省郑州市新郑市龙湖镇	794	江苏省江阴市周庄镇	857	广东省佛山市顺德区北滘镇	920	江苏省常熟市海虞镇	983	江苏省江阴市徐霞客镇
606	广东省佛山市南海区狮山镇	669	江苏省昆山市张浦镇	732	广东省东莞市长安镇	795	江苏省昆山市花桥镇	858	浙江省宁波市余姚市泗门镇	921	广东省东莞市虎门镇	984	江苏省张家港市杨舍镇
607	江苏省苏州市吴江区盛泽镇	670	福建省晋江市陈埭镇	733	浙江省杭州市萧山区瓜沥镇	796	山东省青岛市即墨区蓝村镇	859	江苏省无锡市锡山区东港镇	922	河南省郑州市新郑市龙湖镇	985	江苏省江阴市周庄镇
608	广东省中山市小榄镇	671	浙江省温州市瑞安市塘下镇	734	江苏省昆山市玉山镇	797	广东省佛山市南海区狮山镇	860	江苏省昆山市张浦镇	923	广东省东莞市长安镇	986	江苏省昆山市花桥镇
609	广东省佛山市顺德区北滘镇	672	江苏省常熟市海虞镇	735	江苏省江阴市徐霞客镇	798	江苏省苏州市吴江区盛泽镇	861	福建省晋江市陈埭镇	924	浙江省杭州市萧山区瓜沥镇	987	山东省青岛市即墨区蓝村镇
610	浙江省宁波市余姚市泗门镇	673	广东省东莞市虎门镇	736	江苏省张家港市杨舍镇	799	广东省中山市小榄镇	862	浙江省温州市瑞安市塘下镇	925	江苏省昆山市玉山镇	988	广东省佛山市南海区狮山镇
611	江苏省无锡市锡山区东港镇	674	河南省郑州市新郑市龙湖镇	737	江苏省江阴市周庄镇	800	广东省佛山市顺德区北滘镇	863	江苏省常熟市海虞镇	926	江苏省江阴市徐霞客镇	989	江苏省苏州市吴江区盛泽镇
612	江苏省昆山市张浦镇	675	广东省东莞市长安镇	738	江苏省昆山市花桥镇	801	浙江省宁波市余姚市泗门镇	864	广东省东莞市虎门镇	927	江苏省张家港市杨舍镇	990	广东省中山市小榄镇
613	福建省晋江市陈埭镇	676	浙江省杭州市萧山区瓜沥镇	739	山东省青岛市即墨区蓝村镇	802	江苏省无锡市锡山区东港镇	865	河南省郑州市新郑市龙湖镇	928	江苏省江阴市周庄镇	991	广东省佛山市顺德区北滘镇
614	浙江省温州市瑞安市塘下镇	677	江苏省昆山市玉山镇	740	广东省佛山市南海区狮山镇	803	江苏省昆山市张浦镇	866	广东省东莞市长安镇	929	江苏省昆山市花桥镇	992	浙江省宁波市余姚市泗门镇
615	江苏省常熟市海虞镇	678	江苏省江阴市徐霞客镇	741	江苏省苏州市吴江区盛泽镇	804	福建省晋江市陈埭镇	867	浙江省杭州市萧山区瓜沥镇	930	山东省青岛市即墨区蓝村镇	993	江苏省无锡市锡山区东港镇
616	广东省东莞市虎门镇	679	江苏省张家港市杨舍镇	742	广东省中山市小榄镇	805	浙江省温州市瑞安市塘下镇	868	江苏省昆山市玉山镇	931	广东省佛山市南海区狮山镇	994	江苏省昆山市张浦镇
617	河南省郑州市新郑市龙湖镇	680	江苏省江阴市周庄镇	743	广东省佛山市顺德区北滘镇	806	江苏省常熟市海虞镇	869	江苏省江阴市徐霞客镇	932	江苏省苏州市吴江区盛泽镇	995	福建省晋江市陈埭镇
618	广东省东莞市长安镇	681	江苏省昆山市花桥镇	744	浙江省宁波市余姚市泗门镇	807	广东省东莞市虎门镇	870	江苏省张家港市杨舍镇	933	广东省中山市小榄镇	996	浙江省温州市瑞安市塘下镇
619	浙江省杭州市萧山区瓜沥镇	682	山东省青岛市即墨区蓝村镇	745	江苏省无锡市锡山区东港镇	808	河南省郑州市新郑市龙湖镇	871	江苏省江阴市周庄镇	934	广东省佛山市顺德区北滘镇	997	江苏省常熟市海虞镇
620	江苏省昆山市玉山镇	683	广东省佛山市南海区狮山镇	746	江苏省昆山市张浦镇	809	广东省东莞市长安镇	872	江苏省昆山市花桥镇	935	浙江省宁波市余姚市泗门镇	998	广东省东莞市虎门镇
621	江苏省江阴市徐霞客镇	684	江苏省苏州市吴江区盛泽镇	747	福建省晋江市陈埭镇	810	浙江省杭州市萧山区瓜沥镇	873	山东省青岛市即墨区蓝村镇	936	江苏省无锡市锡山区东港镇	999	河南省郑州市新郑市龙湖镇
622	江苏省张家港市杨舍镇	685	广东省中山市小榄镇	748	浙江省温州市瑞安市塘下镇	811	江苏省昆山市玉山镇	874	广东省佛山市南海区狮山镇	937	江苏省昆山市张浦镇	1000	广东省东莞市长安镇
623	江苏省江阴市周庄镇	686	广东省佛山市顺德区北滘镇	749	江苏省常熟市海虞镇	812	江苏省江阴市徐霞客镇	875	江苏省苏州市吴江区盛泽镇	938	福建省晋江市陈埭镇		
